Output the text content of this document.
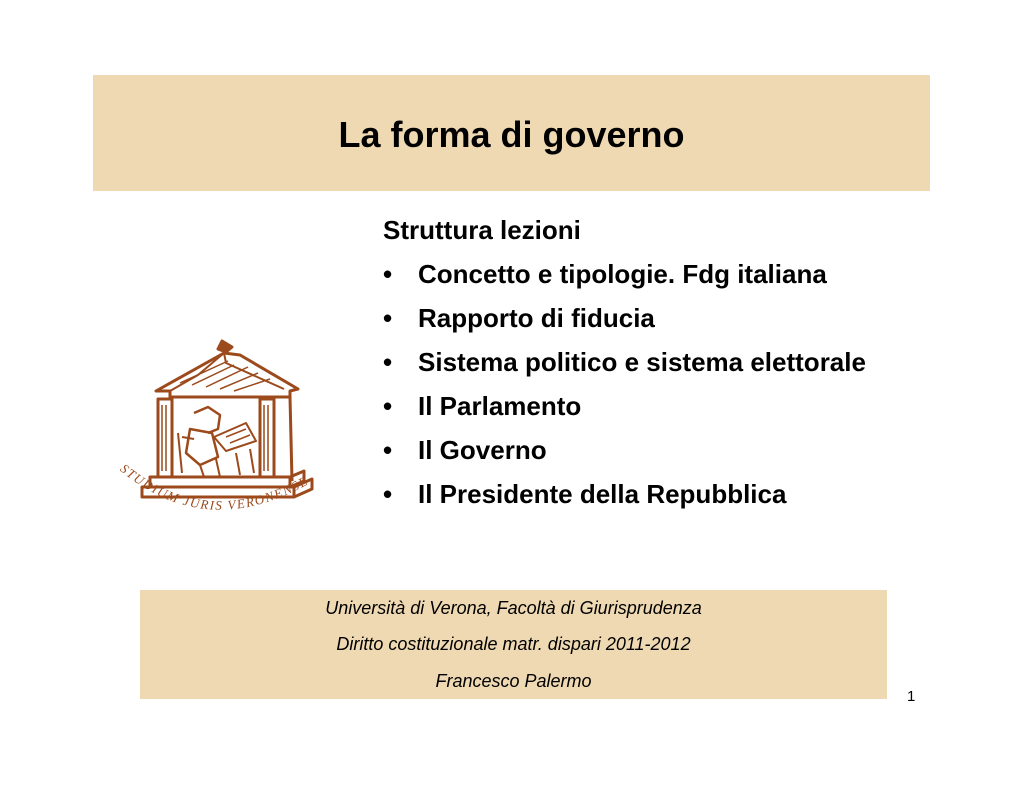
La forma di governo
STUDIUM JURIS VERONENSE
Struttura lezioni
• Concetto e tipologie. Fdg italiana
• Rapporto di fiducia
• Sistema politico e sistema elettorale
• Il Parlamento
• Il Governo
• Il Presidente della Repubblica
Università di Verona, Facoltà di Giurisprudenza
Diritto costituzionale matr. dispari 2011-2012
Francesco Palermo
1
